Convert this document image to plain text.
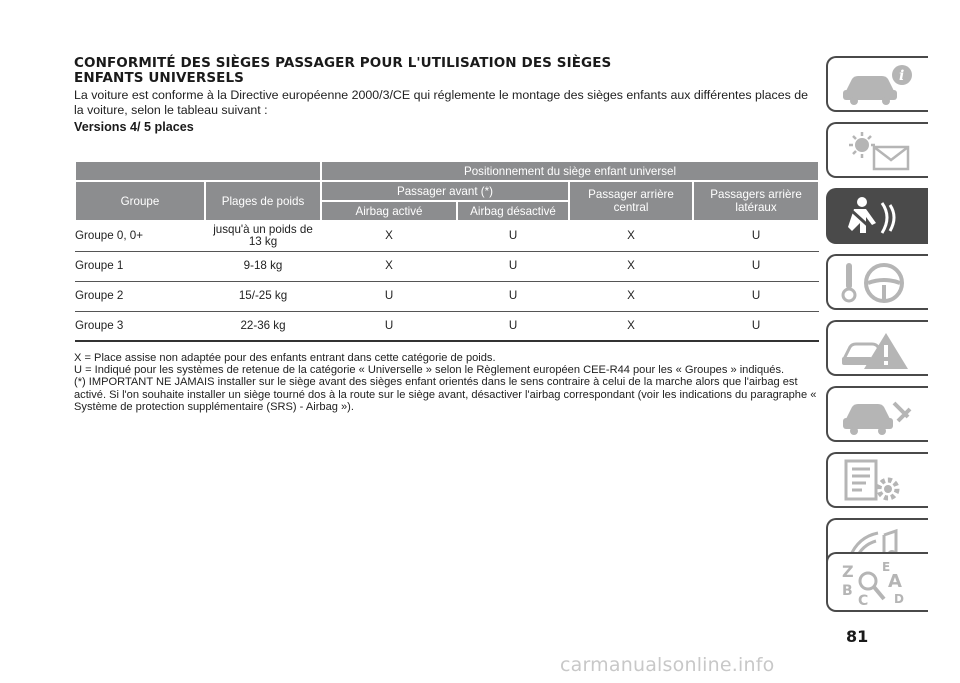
CONFORMITÉ DES SIÈGES PASSAGER POUR L'UTILISATION DES SIÈGES
ENFANTS UNIVERSELS

La voiture est conforme à la Directive européenne 2000/3/CE qui réglemente le montage des sièges enfants aux différentes places de la voiture, selon le tableau suivant :

Versions 4/ 5 places

		Positionnement du siège enfant universel			
Groupe	Plages de poids	Passager avant (*)		Passager arrière central	Passagers arrière latéraux
		Airbag activé	Airbag désactivé		
Groupe 0, 0+	jusqu'à un poids de 13 kg	X	U	X	U
Groupe 1	9-18 kg	X	U	X	U
Groupe 2	15/-25 kg	U	U	X	U
Groupe 3	22-36 kg	U	U	X	U

X = Place assise non adaptée pour des enfants entrant dans cette catégorie de poids.

U = Indiqué pour les systèmes de retenue de la catégorie « Universelle » selon le Règlement européen CEE-R44 pour les « Groupes » indiqués.

(*) IMPORTANT NE JAMAIS installer sur le siège avant des sièges enfant orientés dans le sens contraire à celui de la marche alors que l'airbag est activé. Si l'on souhaite installer un siège tourné dos à la route sur le siège avant, désactiver l'airbag correspondant (voir les indications du paragraphe « Système de protection supplémentaire (SRS) - Airbag »).

i
Z E
A
B
C D
81
carmanualsonline.info
